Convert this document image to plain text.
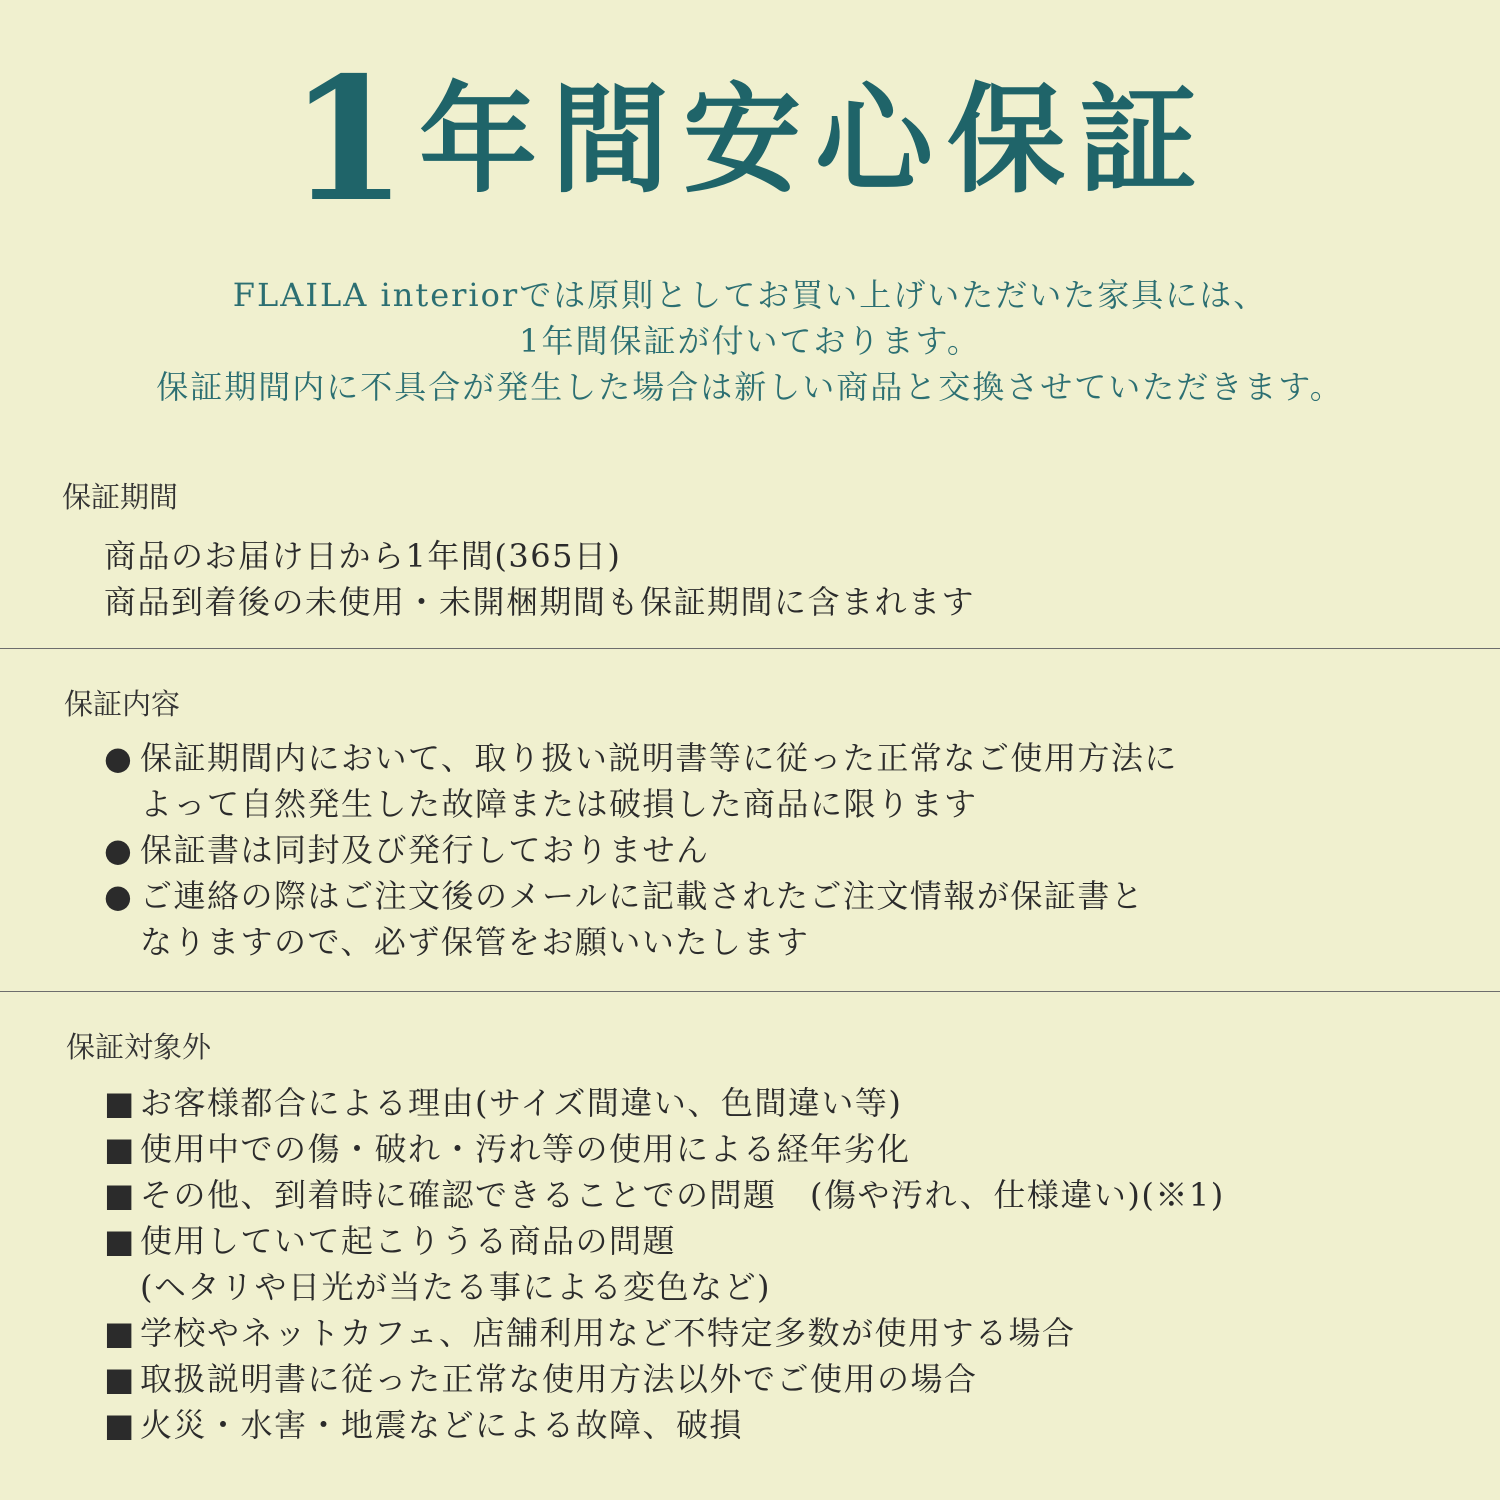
1 年間安心保証
FLAILA interiorでは原則としてお買い上げいただいた家具には、
1年間保証が付いております。
保証期間内に不具合が発生した場合は新しい商品と交換させていただきます。
保証期間
商品のお届け日から1年間(365日)
商品到着後の未使用・未開梱期間も保証期間に含まれます
保証内容
● 保証期間内において、取り扱い説明書等に従った正常なご使用方法に
よって自然発生した故障または破損した商品に限ります
● 保証書は同封及び発行しておりません
● ご連絡の際はご注文後のメールに記載されたご注文情報が保証書と
なりますので、必ず保管をお願いいたします
保証対象外
■ お客様都合による理由(サイズ間違い、色間違い等)
■ 使用中での傷・破れ・汚れ等の使用による経年劣化
■ その他、到着時に確認できることでの問題　(傷や汚れ、仕様違い)(※1)
■ 使用していて起こりうる商品の問題
(ヘタリや日光が当たる事による変色など)
■ 学校やネットカフェ、店舗利用など不特定多数が使用する場合
■ 取扱説明書に従った正常な使用方法以外でご使用の場合
■ 火災・水害・地震などによる故障、破損
